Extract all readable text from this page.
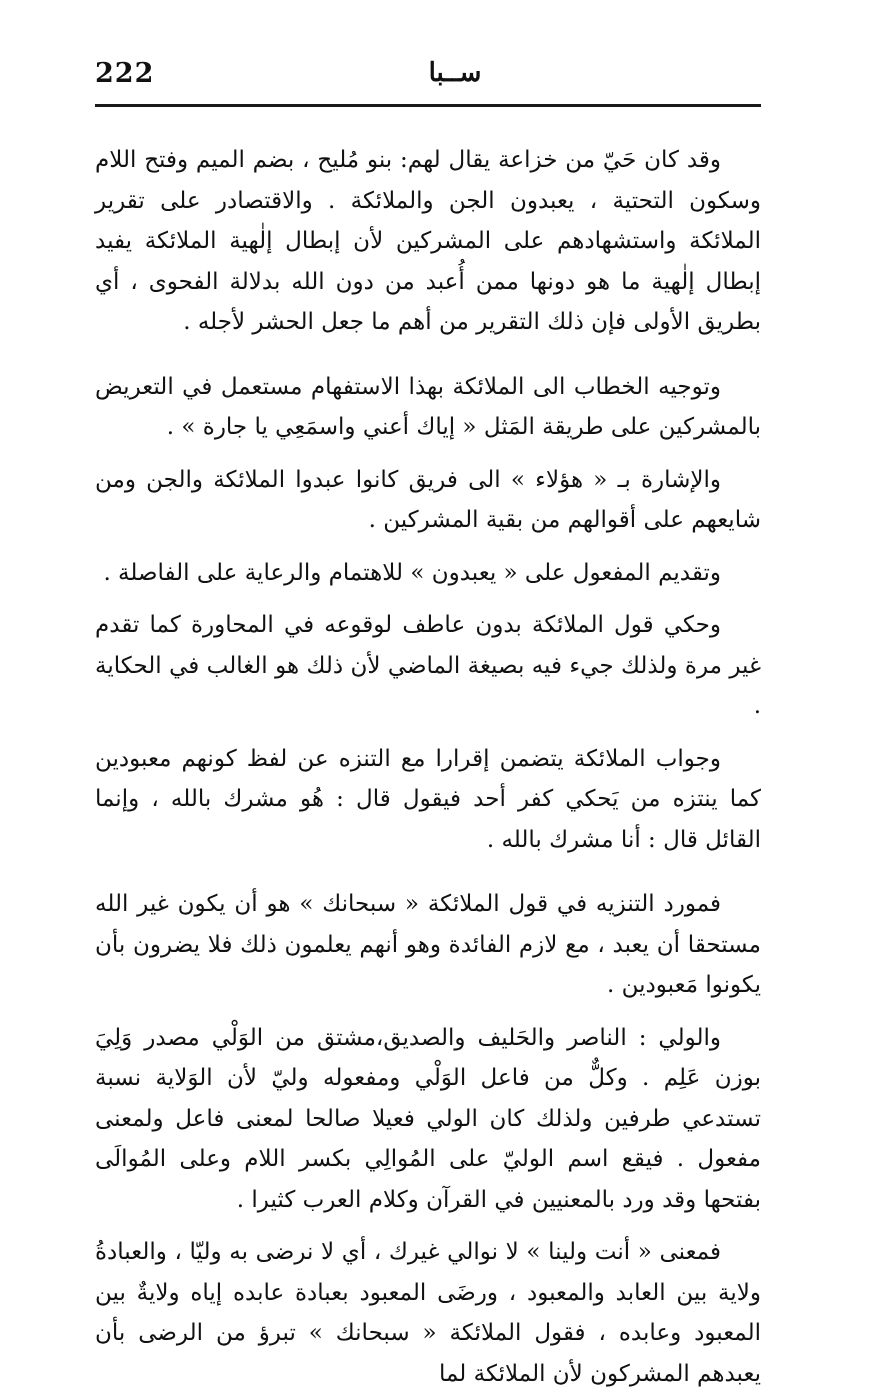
222	ســبا

وقد كان حَيّ من خزاعة يقال لهم: بنو مُليح ، بضم الميم وفتح اللام وسكون التحتية ، يعبدون الجن والملائكة . والاقتصادر على تقرير الملائكة واستشهادهم على المشركين لأن إبطال إلٰهية الملائكة يفيد إبطال إلٰهية ما هو دونها ممن أُعبد من دون الله بدلالة الفحوى ، أي بطريق الأولى فإن ذلك التقرير من أهم ما جعل الحشر لأجله .

وتوجيه الخطاب الى الملائكة بهذا الاستفهام مستعمل في التعريض بالمشركين على طريقة المَثل « إياك أعني واسمَعِي يا جارة » .

والإشارة بـ « هؤلاء » الى فريق كانوا عبدوا الملائكة والجن ومن شايعهم على أقوالهم من بقية المشركين .

وتقديم المفعول على « يعبدون » للاهتمام والرعاية على الفاصلة .

وحكي قول الملائكة بدون عاطف لوقوعه في المحاورة كما تقدم غير مرة ولذلك جيء فيه بصيغة الماضي لأن ذلك هو الغالب في الحكاية .

وجواب الملائكة يتضمن إقرارا مع التنزه عن لفظ كونهم معبودين كما ينتزه من يَحكي كفر أحد فيقول قال : هُو مشرك بالله ، وإنما القائل قال : أنا مشرك بالله .

فمورد التنزيه في قول الملائكة « سبحانك » هو أن يكون غير الله مستحقا أن يعبد ، مع لازم الفائدة وهو أنهم يعلمون ذلك فلا يضرون بأن يكونوا مَعبودين .

والولي : الناصر والحَليف والصديق،مشتق من الوَلْي مصدر وَلِيَ بوزن عَلِم . وكلٌّ من فاعل الوَلْي ومفعوله وليّ لأن الوَلاية نسبة تستدعي طرفين ولذلك كان الولي فعيلا صالحا لمعنى فاعل ولمعنى مفعول . فيقع اسم الوليّ على المُوالِي بكسر اللام وعلى المُوالَى بفتحها وقد ورد بالمعنيين في القرآن وكلام العرب كثيرا .

فمعنى « أنت ولينا » لا نوالي غيرك ، أي لا نرضى به وليّا ، والعبادةُ ولاية بين العابد والمعبود ، ورضَى المعبود بعبادة عابده إياه ولايةٌ بين المعبود وعابده ، فقول الملائكة « سبحانك » تبرؤ من الرضى بأن يعبدهم المشركون لأن الملائكة لما
